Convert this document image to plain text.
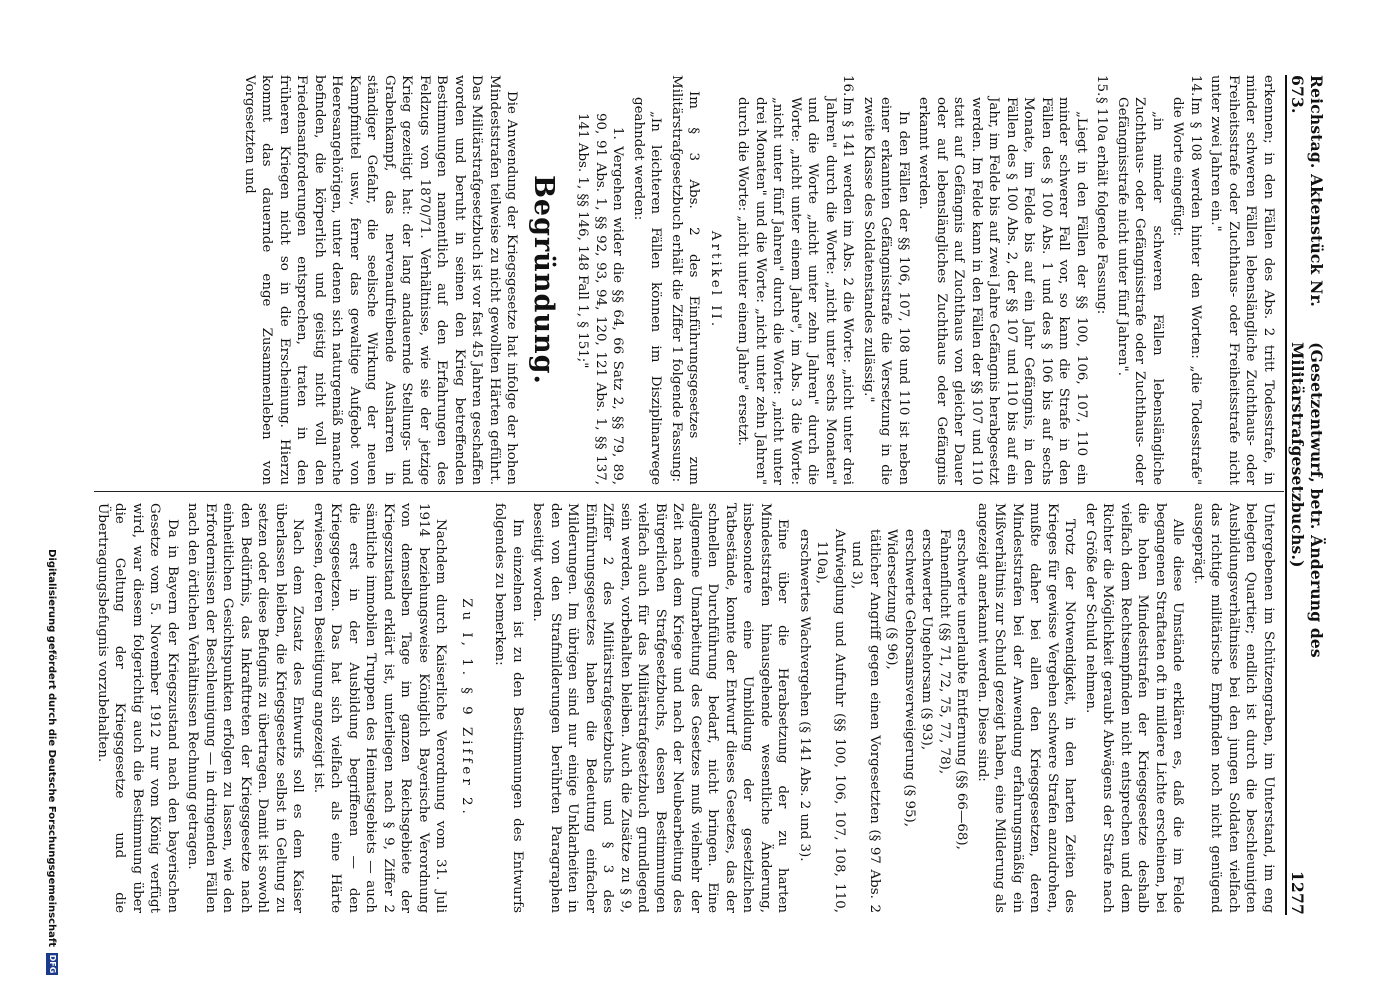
Reichstag. Aktenstück Nr. 673.
(Gesetzentwurf, betr. Änderung des Militärstrafgesetzbuchs.)
1277

erkennen; in den Fällen des Abs. 2 tritt Todesstrafe, in minder schweren Fällen lebenslängliche Zuchthaus- oder Freiheitsstrafe oder Zuchthaus- oder Freiheitsstrafe nicht unter zwei Jahren ein."

14.Im § 108 werden hinter den Worten: „die Todesstrafe" die Worte eingefügt:

„in minder schweren Fällen lebenslängliche Zuchthaus- oder Gefängnisstrafe oder Zuchthaus- oder Gefängnisstrafe nicht unter fünf Jahren".

15.§ 110a erhält folgende Fassung:

„Liegt in den Fällen der §§ 100, 106, 107, 110 ein minder schwerer Fall vor, so kann die Strafe in den Fällen des § 100 Abs. 1 und des § 106 bis auf sechs Monate, im Felde bis auf ein Jahr Gefängnis, in den Fällen des § 100 Abs. 2, der §§ 107 und 110 bis auf ein Jahr, im Felde bis auf zwei Jahre Gefängnis herabgesetzt werden. Im Felde kann in den Fällen der §§ 107 und 110 statt auf Gefängnis auf Zuchthaus von gleicher Dauer oder auf lebenslängliches Zuchthaus oder Gefängnis erkannt werden.

In den Fällen der §§ 106, 107, 108 und 110 ist neben einer erkannten Gefängnisstrafe die Versetzung in die zweite Klasse des Soldatenstandes zulässig."

16.Im § 141 werden im Abs. 2 die Worte: „nicht unter drei Jahren" durch die Worte: „nicht unter sechs Monaten" und die Worte „nicht unter zehn Jahren" durch die Worte: „nicht unter einem Jahre", im Abs. 3 die Worte: „nicht unter fünf Jahren" durch die Worte: „nicht unter drei Monaten" und die Worte: „nicht unter zehn Jahren" durch die Worte: „nicht unter einem Jahre" ersetzt.

Artikel II.

Im § 3 Abs. 2 des Einführungsgesetzes zum Militärstrafgesetzbuch erhält die Ziffer 1 folgende Fassung:

„In leichteren Fällen können im Disziplinarwege geahndet werden:

1. Vergehen wider die §§ 64, 66 Satz 2, §§ 79, 89, 90, 91 Abs. 1, §§ 92, 93, 94, 120, 121 Abs. 1, §§ 137, 141 Abs. 1, §§ 146, 148 Fall 1, § 151;"

Begründung.

Die Anwendung der Kriegsgesetze hat infolge der hohen Mindeststrafen teilweise zu nicht gewollten Härten geführt. Das Militärstrafgesetzbuch ist vor fast 45 Jahren geschaffen worden und beruht in seinen den Krieg betreffenden Bestimmungen namentlich auf den Erfahrungen des Feldzugs von 1870/71. Verhältnisse, wie sie der jetzige Krieg gezeitigt hat: der lang andauernde Stellungs- und Grabenkampf, das nervenaufreibende Ausharren in ständiger Gefahr, die seelische Wirkung der neuen Kampfmittel usw., ferner das gewaltige Aufgebot von Heeresangehörigen, unter denen sich naturgemäß manche befinden, die körperlich und geistig nicht voll den Friedensanforderungen entsprechen, traten in den früheren Kriegen nicht so in die Erscheinung. Hierzu kommt das dauernde enge Zusammenleben von Vorgesetzten und

Untergebenen im Schützengraben, im Unterstand, im eng belegten Quartier; endlich ist durch die beschleunigten Ausbildungsverhältnisse bei den jungen Soldaten vielfach das richtige militärische Empfinden noch nicht genügend ausgeprägt.

Alle diese Umstände erklären es, daß die im Felde begangenen Straftaten oft in mildere Lichte erscheinen, bei die hohen Mindeststrafen der Kriegsgesetze deshalb vielfach dem Rechtsempfinden nicht entsprechen und dem Richter die Möglichkeit geraubt Abwägens der Strafe nach der Größe der Schuld nehmen.

Trotz der Notwendigkeit, in den harten Zeiten des Krieges für gewisse Vergehen schwere Strafen anzudrohen, mußte daher bei allen den Kriegsgesetzen, deren Mindeststrafen bei der Anwendung erfahrungsmäßig ein Mißverhältnis zur Schuld gezeigt haben, eine Milderung als angezeigt anerkannt werden. Diese sind:

erschwerte unerlaubte Entfernung (§§ 66—68),
Fahnenflucht (§§ 71, 72, 75, 77, 78),
erschwerter Ungehorsam (§ 93),
erschwerte Gehorsamsverweigerung (§ 95),
Widersetzung (§ 96),
tätlicher Angriff gegen einen Vorgesetzten (§ 97 Abs. 2 und 3),
Aufwieglung und Aufruhr (§§ 100, 106, 107, 108, 110, 110a),
erschwertes Wachvergehen (§ 141 Abs. 2 und 3).

Eine über die Herabsetzung der zu harten Mindeststrafen hinausgehende wesentliche Änderung, insbesondere eine Umbildung der gesetzlichen Tatbestände, konnte der Entwurf dieses Gesetzes, das der schnellen Durchführung bedarf, nicht bringen. Eine allgemeine Umarbeitung des Gesetzes muß vielmehr der Zeit nach dem Kriege und nach der Neubearbeitung des Bürgerlichen Strafgesetzbuchs, dessen Bestimmungen vielfach auch für das Militärstrafgesetzbuch grundlegend sein werden, vorbehalten bleiben. Auch die Zusätze zu § 9, Ziffer 2 des Militärstrafgesetzbuchs und § 3 des Einführungsgesetzes haben die Bedeutung einfacher Milderungen. Im übrigen sind nur einige Unklarheiten in den von den Strafmilderungen berührten Paragraphen beseitigt worden.

Im einzelnen ist zu den Bestimmungen des Entwurfs folgendes zu bemerken:

Zu I, 1. § 9 Ziffer 2.

Nachdem durch Kaiserliche Verordnung vom 31. Juli 1914 beziehungsweise Königlich Bayerische Verordnung von demselben Tage im ganzen Reichsgebiete der Kriegszustand erklärt ist, unterliegen nach § 9, Ziffer 2 sämtliche immobilen Truppen des Heimatsgebiets — auch die erst in der Ausbildung begriffenen — den Kriegsgesetzen. Das hat sich vielfach als eine Härte erwiesen, deren Beseitigung angezeigt ist.

Nach dem Zusatz des Entwurfs soll es dem Kaiser überlassen bleiben, die Kriegsgesetze selbst in Geltung zu setzen oder diese Befugnis zu übertragen. Damit ist sowohl den Bedürfnis, das Inkrafttreten der Kriegsgesetze nach einheitlichen Gesichtspunkten erfolgen zu lassen, wie den Erfordernissen der Beschleunigung — in dringenden Fällen nach den örtlichen Verhältnissen Rechnung getragen.

Da in Bayern der Kriegszustand nach den bayerischen Gesetze vom 5. November 1912 nur vom König verfügt wird, war diesem folgerichtig auch die Bestimmung über die Geltung der Kriegsgesetze und die Übertragungsbefugnis vorzubehalten.

DFG
Digitalisierung gefördert durch die Deutsche Forschungsgemeinschaft
